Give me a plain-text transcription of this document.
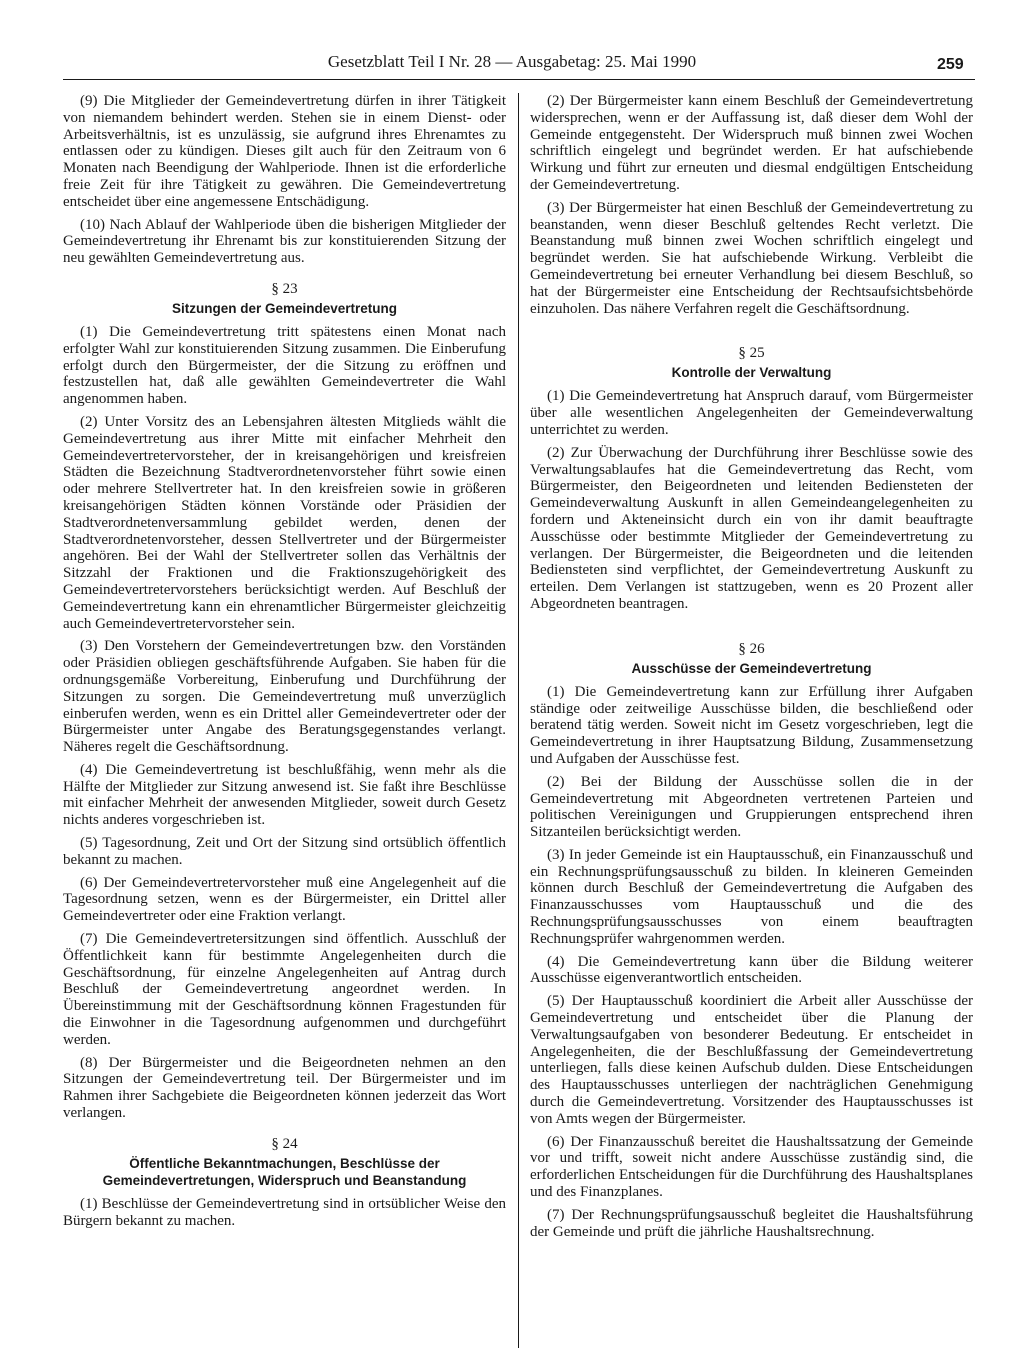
Gesetzblatt Teil I Nr. 28 — Ausgabetag: 25. Mai 1990	259

(9) Die Mitglieder der Gemeindevertretung dürfen in ihrer Tätigkeit von niemandem behindert werden. Stehen sie in einem Dienst- oder Arbeitsverhältnis, ist es unzulässig, sie aufgrund ihres Ehrenamtes zu entlassen oder zu kündigen. Dieses gilt auch für den Zeitraum von 6 Monaten nach Beendigung der Wahlperiode. Ihnen ist die erforderliche freie Zeit für ihre Tätigkeit zu gewähren. Die Gemeindevertretung entscheidet über eine angemessene Entschädigung.

(10) Nach Ablauf der Wahlperiode üben die bisherigen Mitglieder der Gemeindevertretung ihr Ehrenamt bis zur konstituierenden Sitzung der neu gewählten Gemeindevertretung aus.

§ 23
Sitzungen der Gemeindevertretung

(1) Die Gemeindevertretung tritt spätestens einen Monat nach erfolgter Wahl zur konstituierenden Sitzung zusammen. Die Einberufung erfolgt durch den Bürgermeister, der die Sitzung zu eröffnen und festzustellen hat, daß alle gewählten Gemeindevertreter die Wahl angenommen haben.

(2) Unter Vorsitz des an Lebensjahren ältesten Mitglieds wählt die Gemeindevertretung aus ihrer Mitte mit einfacher Mehrheit den Gemeindevertretervorsteher, der in kreisangehörigen und kreisfreien Städten die Bezeichnung Stadtverordnetenvorsteher führt sowie einen oder mehrere Stellvertreter hat. In den kreisfreien sowie in größeren kreisangehörigen Städten können Vorstände oder Präsidien der Stadtverordnetenversammlung gebildet werden, denen der Stadtverordnetenvorsteher, dessen Stellvertreter und der Bürgermeister angehören. Bei der Wahl der Stellvertreter sollen das Verhältnis der Sitzzahl der Fraktionen und die Fraktionszugehörigkeit des Gemeindevertretervorstehers berücksichtigt werden. Auf Beschluß der Gemeindevertretung kann ein ehrenamtlicher Bürgermeister gleichzeitig auch Gemeindevertretervorsteher sein.

(3) Den Vorstehern der Gemeindevertretungen bzw. den Vorständen oder Präsidien obliegen geschäftsführende Aufgaben. Sie haben für die ordnungsgemäße Vorbereitung, Einberufung und Durchführung der Sitzungen zu sorgen. Die Gemeindevertretung muß unverzüglich einberufen werden, wenn es ein Drittel aller Gemeindevertreter oder der Bürgermeister unter Angabe des Beratungsgegenstandes verlangt. Näheres regelt die Geschäftsordnung.

(4) Die Gemeindevertretung ist beschlußfähig, wenn mehr als die Hälfte der Mitglieder zur Sitzung anwesend ist. Sie faßt ihre Beschlüsse mit einfacher Mehrheit der anwesenden Mitglieder, soweit durch Gesetz nichts anderes vorgeschrieben ist.

(5) Tagesordnung, Zeit und Ort der Sitzung sind ortsüblich öffentlich bekannt zu machen.

(6) Der Gemeindevertretervorsteher muß eine Angelegenheit auf die Tagesordnung setzen, wenn es der Bürgermeister, ein Drittel aller Gemeindevertreter oder eine Fraktion verlangt.

(7) Die Gemeindevertretersitzungen sind öffentlich. Ausschluß der Öffentlichkeit kann für bestimmte Angelegenheiten durch die Geschäftsordnung, für einzelne Angelegenheiten auf Antrag durch Beschluß der Gemeindevertretung angeordnet werden. In Übereinstimmung mit der Geschäftsordnung können Fragestunden für die Einwohner in die Tagesordnung aufgenommen und durchgeführt werden.

(8) Der Bürgermeister und die Beigeordneten nehmen an den Sitzungen der Gemeindevertretung teil. Der Bürgermeister und im Rahmen ihrer Sachgebiete die Beigeordneten können jederzeit das Wort verlangen.

§ 24
Öffentliche Bekanntmachungen, Beschlüsse der Gemeindevertretungen, Widerspruch und Beanstandung

(1) Beschlüsse der Gemeindevertretung sind in ortsüblicher Weise den Bürgern bekannt zu machen.

(2) Der Bürgermeister kann einem Beschluß der Gemeindevertretung widersprechen, wenn er der Auffassung ist, daß dieser dem Wohl der Gemeinde entgegensteht. Der Widerspruch muß binnen zwei Wochen schriftlich eingelegt und begründet werden. Er hat aufschiebende Wirkung und führt zur erneuten und diesmal endgültigen Entscheidung der Gemeindevertretung.

(3) Der Bürgermeister hat einen Beschluß der Gemeindevertretung zu beanstanden, wenn dieser Beschluß geltendes Recht verletzt. Die Beanstandung muß binnen zwei Wochen schriftlich eingelegt und begründet werden. Sie hat aufschiebende Wirkung. Verbleibt die Gemeindevertretung bei erneuter Verhandlung bei diesem Beschluß, so hat der Bürgermeister eine Entscheidung der Rechtsaufsichtsbehörde einzuholen. Das nähere Verfahren regelt die Geschäftsordnung.

§ 25
Kontrolle der Verwaltung

(1) Die Gemeindevertretung hat Anspruch darauf, vom Bürgermeister über alle wesentlichen Angelegenheiten der Gemeindeverwaltung unterrichtet zu werden.

(2) Zur Überwachung der Durchführung ihrer Beschlüsse sowie des Verwaltungsablaufes hat die Gemeindevertretung das Recht, vom Bürgermeister, den Beigeordneten und leitenden Bediensteten der Gemeindeverwaltung Auskunft in allen Gemeindeangelegenheiten zu fordern und Akteneinsicht durch ein von ihr damit beauftragte Ausschüsse oder bestimmte Mitglieder der Gemeindevertretung zu verlangen. Der Bürgermeister, die Beigeordneten und die leitenden Bediensteten sind verpflichtet, der Gemeindevertretung Auskunft zu erteilen. Dem Verlangen ist stattzugeben, wenn es 20 Prozent aller Abgeordneten beantragen.

§ 26
Ausschüsse der Gemeindevertretung

(1) Die Gemeindevertretung kann zur Erfüllung ihrer Aufgaben ständige oder zeitweilige Ausschüsse bilden, die beschließend oder beratend tätig werden. Soweit nicht im Gesetz vorgeschrieben, legt die Gemeindevertretung in ihrer Hauptsatzung Bildung, Zusammensetzung und Aufgaben der Ausschüsse fest.

(2) Bei der Bildung der Ausschüsse sollen die in der Gemeindevertretung mit Abgeordneten vertretenen Parteien und politischen Vereinigungen und Gruppierungen entsprechend ihren Sitzanteilen berücksichtigt werden.

(3) In jeder Gemeinde ist ein Hauptausschuß, ein Finanzausschuß und ein Rechnungsprüfungsausschuß zu bilden. In kleineren Gemeinden können durch Beschluß der Gemeindevertretung die Aufgaben des Finanzausschusses vom Hauptausschuß und die des Rechnungsprüfungsausschusses von einem beauftragten Rechnungsprüfer wahrgenommen werden.

(4) Die Gemeindevertretung kann über die Bildung weiterer Ausschüsse eigenverantwortlich entscheiden.

(5) Der Hauptausschuß koordiniert die Arbeit aller Ausschüsse der Gemeindevertretung und entscheidet über die Planung der Verwaltungsaufgaben von besonderer Bedeutung. Er entscheidet in Angelegenheiten, die der Beschlußfassung der Gemeindevertretung unterliegen, falls diese keinen Aufschub dulden. Diese Entscheidungen des Hauptausschusses unterliegen der nachträglichen Genehmigung durch die Gemeindevertretung. Vorsitzender des Hauptausschusses ist von Amts wegen der Bürgermeister.

(6) Der Finanzausschuß bereitet die Haushaltssatzung der Gemeinde vor und trifft, soweit nicht andere Ausschüsse zuständig sind, die erforderlichen Entscheidungen für die Durchführung des Haushaltsplanes und des Finanzplanes.

(7) Der Rechnungsprüfungsausschuß begleitet die Haushaltsführung der Gemeinde und prüft die jährliche Haushaltsrechnung.
